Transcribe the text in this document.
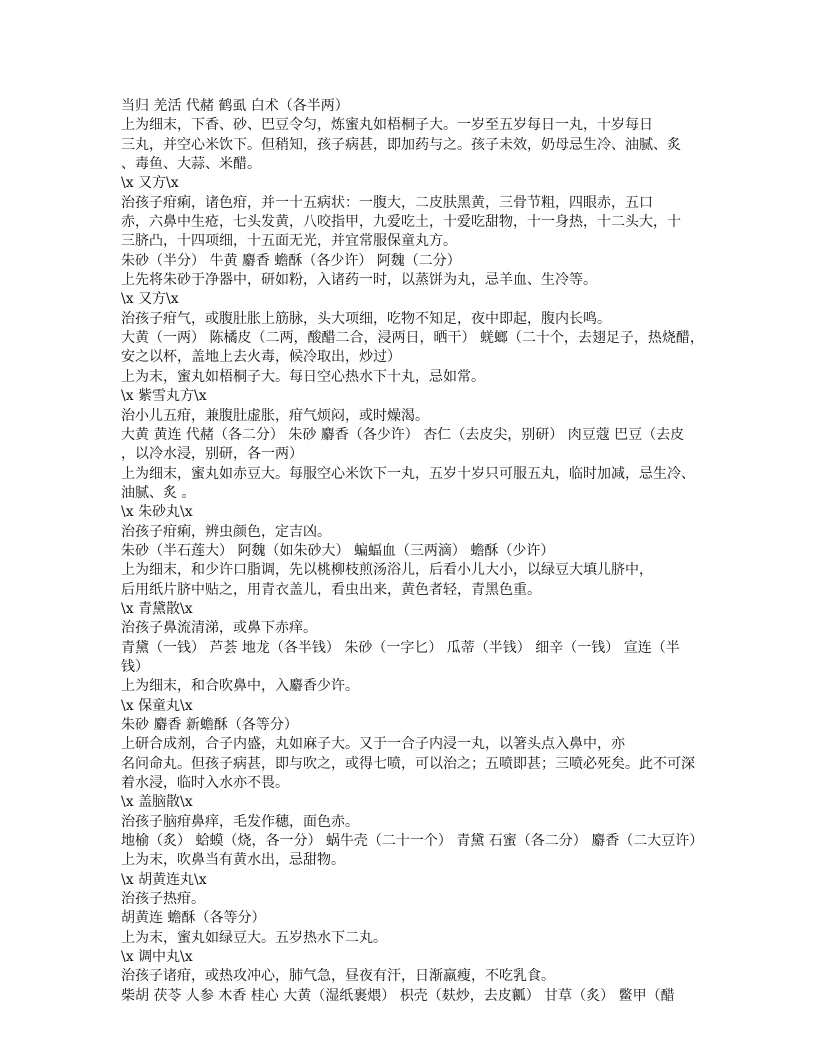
当归 羌活 代赭 鹤虱 白术（各半两）
上为细末，下香、砂、巴豆令匀，炼蜜丸如梧桐子大。一岁至五岁每日一丸，十岁每日
三丸，并空心米饮下。但稍知，孩子病甚，即加药与之。孩子未效，奶母忌生冷、油腻、炙
、毒鱼、大蒜、米醋。
\x 又方\x
治孩子疳痢，诸色疳，并一十五病状：一腹大，二皮肤黑黄，三骨节粗，四眼赤，五口
赤，六鼻中生疮，七头发黄，八咬指甲，九爱吃土，十爱吃甜物，十一身热，十二头大，十
三脐凸，十四项细，十五面无光，并宜常服保童丸方。
朱砂（半分） 牛黄 麝香 蟾酥（各少许） 阿魏（二分）
上先将朱砂于净器中，研如粉，入诸药一时，以蒸饼为丸，忌羊血、生冷等。
\x 又方\x
治孩子疳气，或腹肚胀上筋脉，头大项细，吃物不知足，夜中即起，腹内长鸣。
大黄（一两） 陈橘皮（二两，酸醋二合，浸两日，晒干） 蜣螂（二十个，去翅足子，热烧醋，
安之以杯，盖地上去火毒，候冷取出，炒过）
上为末，蜜丸如梧桐子大。每日空心热水下十丸，忌如常。
\x 紫雪丸方\x
治小儿五疳，兼腹肚虚胀，疳气烦闷，或时燥渴。
大黄 黄连 代赭（各二分） 朱砂 麝香（各少许） 杏仁（去皮尖，别研） 肉豆蔻 巴豆（去皮
，以冷水浸，别研，各一两）
上为细末，蜜丸如赤豆大。每服空心米饮下一丸，五岁十岁只可服五丸，临时加减，忌生冷、
油腻、炙 。
\x 朱砂丸\x
治孩子疳痢，辨虫颜色，定吉凶。
朱砂（半石莲大） 阿魏（如朱砂大） 蝙蝠血（三两滴） 蟾酥（少许）
上为细末，和少许口脂调，先以桃柳枝煎汤浴儿，后看小儿大小，以绿豆大填儿脐中，
后用纸片脐中贴之，用青衣盖儿，看虫出来，黄色者轻，青黑色重。
\x 青黛散\x
治孩子鼻流清涕，或鼻下赤痒。
青黛（一钱） 芦荟 地龙（各半钱） 朱砂（一字匕） 瓜蒂（半钱） 细辛（一钱） 宣连（半
钱）
上为细末，和合吹鼻中，入麝香少许。
\x 保童丸\x
朱砂 麝香 新蟾酥（各等分）
上研合成剂，合子内盛，丸如麻子大。又于一合子内浸一丸，以箸头点入鼻中，亦
名问命丸。但孩子病甚，即与吹之，或得七喷，可以治之；五喷即甚；三喷必死矣。此不可深
着水浸，临时入水亦不畏。
\x 盖脑散\x
治孩子脑疳鼻痒，毛发作穗，面色赤。
地榆（炙） 蛤蟆（烧，各一分） 蜗牛壳（二十一个） 青黛 石蜜（各二分） 麝香（二大豆许）
上为末，吹鼻当有黄水出，忌甜物。
\x 胡黄连丸\x
治孩子热疳。
胡黄连 蟾酥（各等分）
上为末，蜜丸如绿豆大。五岁热水下二丸。
\x 调中丸\x
治孩子诸疳，或热攻冲心，肺气急，昼夜有汗，日渐羸瘦，不吃乳食。
柴胡 茯苓 人参 木香 桂心 大黄（湿纸裹煨） 枳壳（麸炒，去皮瓤） 甘草（炙） 鳖甲（醋
